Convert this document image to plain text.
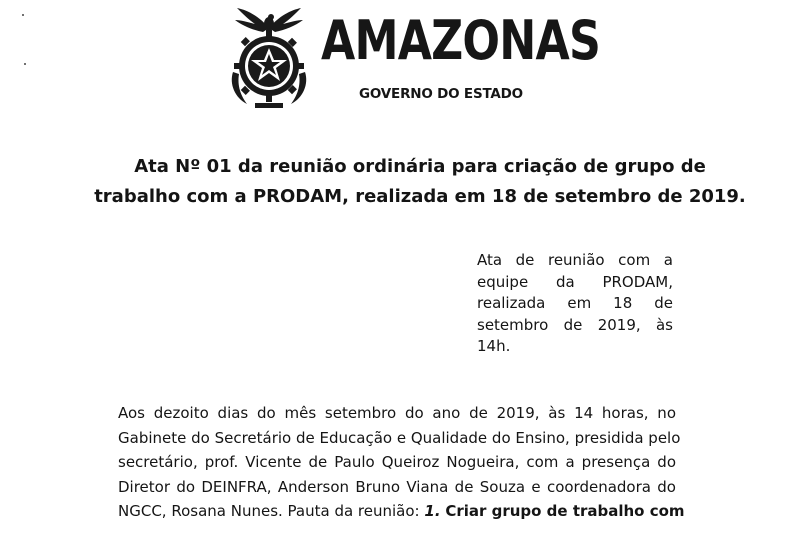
AMAZONAS
GOVERNO DO ESTADO
Ata Nº 01 da reunião ordinária para criação de grupo de
trabalho com a PRODAM, realizada em 18 de setembro de 2019.
Ata de reunião com a
equipe da PRODAM,
realizada em 18 de
setembro de 2019, às
14h.
Aos dezoito dias do mês setembro do ano de 2019, às 14 horas, no
Gabinete do Secretário de Educação e Qualidade do Ensino, presidida pelo
secretário, prof. Vicente de Paulo Queiroz Nogueira, com a presença do
Diretor do DEINFRA, Anderson Bruno Viana de Souza e coordenadora do
NGCC, Rosana Nunes. Pauta da reunião: 1. Criar grupo de trabalho com
